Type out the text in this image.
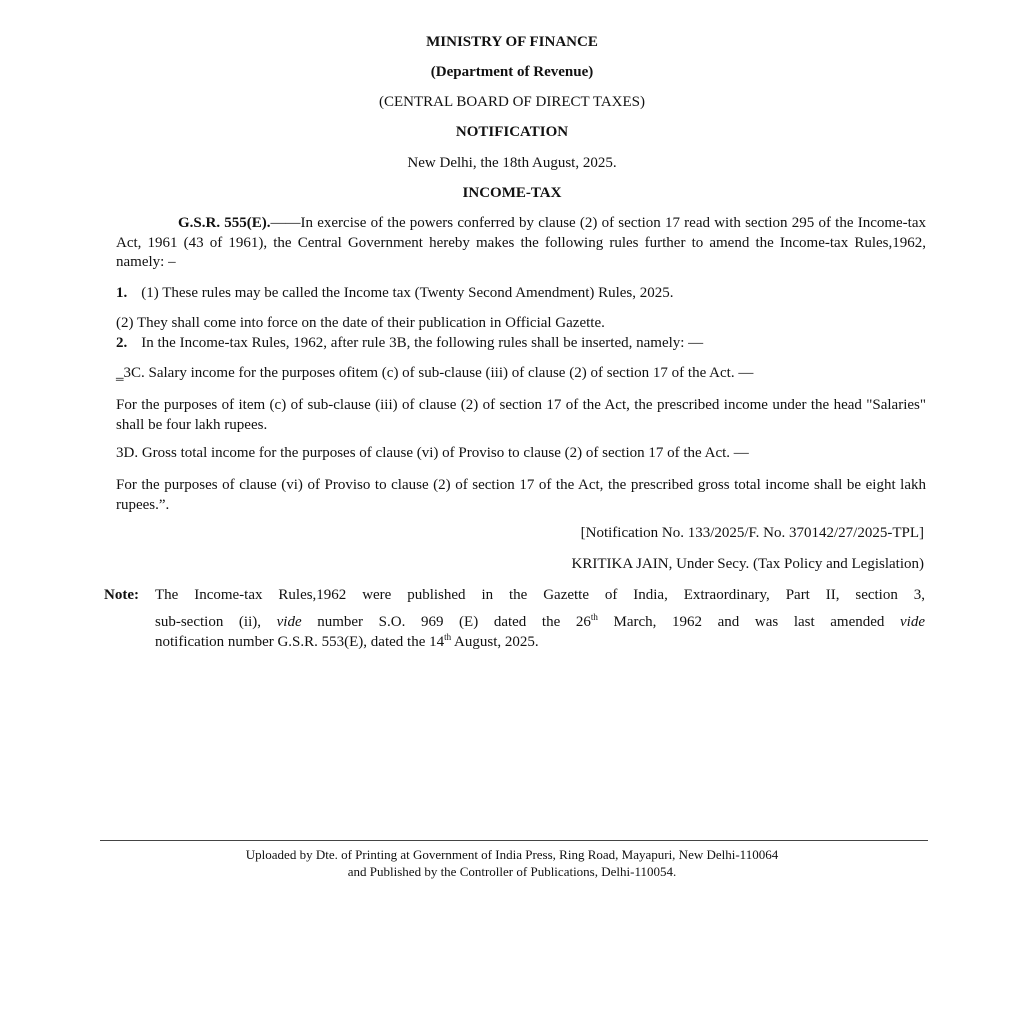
MINISTRY OF FINANCE
(Department of Revenue)
(CENTRAL BOARD OF DIRECT TAXES)
NOTIFICATION
New Delhi, the 18th August, 2025.
INCOME-TAX
G.S.R. 555(E).——In exercise of the powers conferred by clause (2) of section 17 read with section 295 of the Income-tax Act, 1961 (43 of 1961), the Central Government hereby makes the following rules further to amend the Income-tax Rules,1962, namely: –
1. (1) These rules may be called the Income tax (Twenty Second Amendment) Rules, 2025.
(2) They shall come into force on the date of their publication in Official Gazette.
2. In the Income-tax Rules, 1962, after rule 3B, the following rules shall be inserted, namely: —
‗3C. Salary income for the purposes ofitem (c) of sub-clause (iii) of clause (2) of section 17 of the Act. —
For the purposes of item (c) of sub-clause (iii) of clause (2) of section 17 of the Act, the prescribed income under the head "Salaries" shall be four lakh rupees.
3D. Gross total income for the purposes of clause (vi) of Proviso to clause (2) of section 17 of the Act. —
For the purposes of clause (vi) of Proviso to clause (2) of section 17 of the Act, the prescribed gross total income shall be eight lakh rupees.”.
[Notification No. 133/2025/F. No. 370142/27/2025-TPL]
KRITIKA JAIN, Under Secy. (Tax Policy and Legislation)
Note: The Income-tax Rules,1962 were published in the Gazette of India, Extraordinary, Part II, section 3,
sub-section (ii), vide number S.O. 969 (E) dated the 26th March, 1962 and was last amended vide
notification number G.S.R. 553(E), dated the 14th August, 2025.
Uploaded by Dte. of Printing at Government of India Press, Ring Road, Mayapuri, New Delhi-110064
and Published by the Controller of Publications, Delhi-110054.
